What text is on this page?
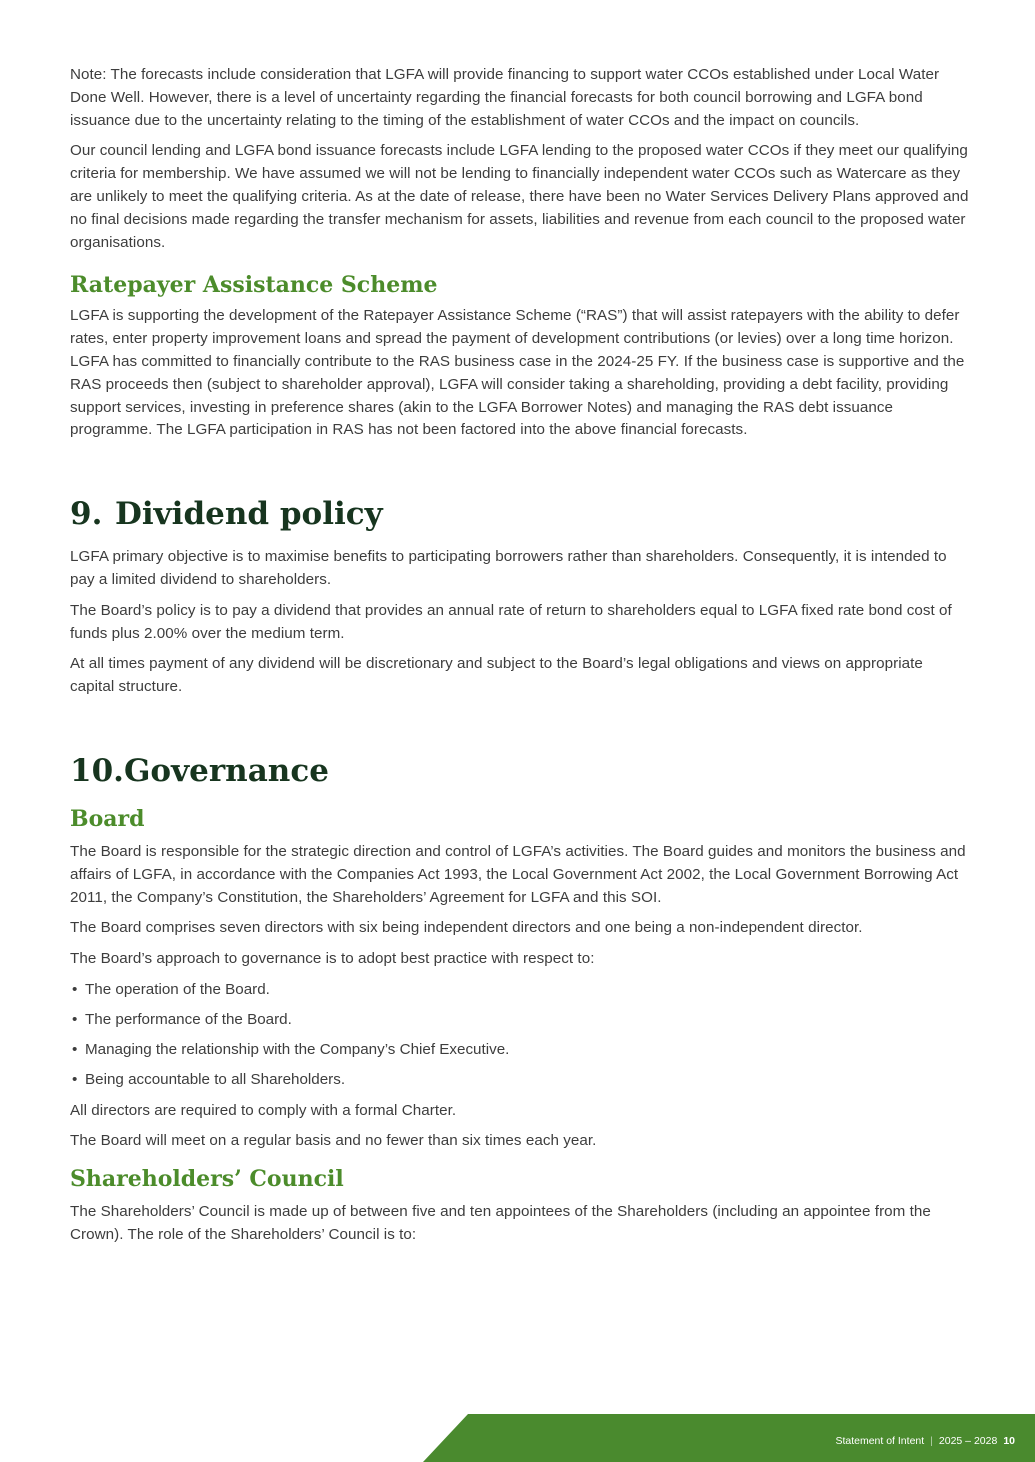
Note: The forecasts include consideration that LGFA will provide financing to support water CCOs established under Local Water Done Well. However, there is a level of uncertainty regarding the financial forecasts for both council borrowing and LGFA bond issuance due to the uncertainty relating to the timing of the establishment of water CCOs and the impact on councils.

Our council lending and LGFA bond issuance forecasts include LGFA lending to the proposed water CCOs if they meet our qualifying criteria for membership. We have assumed we will not be lending to financially independent water CCOs such as Watercare as they are unlikely to meet the qualifying criteria. As at the date of release, there have been no Water Services Delivery Plans approved and no final decisions made regarding the transfer mechanism for assets, liabilities and revenue from each council to the proposed water organisations.

Ratepayer Assistance Scheme

LGFA is supporting the development of the Ratepayer Assistance Scheme (“RAS”) that will assist ratepayers with the ability to defer rates, enter property improvement loans and spread the payment of development contributions (or levies) over a long time horizon. LGFA has committed to financially contribute to the RAS business case in the 2024-25 FY. If the business case is supportive and the RAS proceeds then (subject to shareholder approval), LGFA will consider taking a shareholding, providing a debt facility, providing support services, investing in preference shares (akin to the LGFA Borrower Notes) and managing the RAS debt issuance programme. The LGFA participation in RAS has not been factored into the above financial forecasts.

9. Dividend policy

LGFA primary objective is to maximise benefits to participating borrowers rather than shareholders. Consequently, it is intended to pay a limited dividend to shareholders.

The Board’s policy is to pay a dividend that provides an annual rate of return to shareholders equal to LGFA fixed rate bond cost of funds plus 2.00% over the medium term.

At all times payment of any dividend will be discretionary and subject to the Board’s legal obligations and views on appropriate capital structure.

10.Governance
Board

The Board is responsible for the strategic direction and control of LGFA’s activities. The Board guides and monitors the business and affairs of LGFA, in accordance with the Companies Act 1993, the Local Government Act 2002, the Local Government Borrowing Act 2011, the Company’s Constitution, the Shareholders’ Agreement for LGFA and this SOI.

The Board comprises seven directors with six being independent directors and one being a non-independent director.

The Board’s approach to governance is to adopt best practice with respect to:

• The operation of the Board.
• The performance of the Board.
• Managing the relationship with the Company’s Chief Executive.
• Being accountable to all Shareholders.

All directors are required to comply with a formal Charter.

The Board will meet on a regular basis and no fewer than six times each year.

Shareholders’ Council

The Shareholders’ Council is made up of between five and ten appointees of the Shareholders (including an appointee from the Crown). The role of the Shareholders’ Council is to:

Statement of Intent | 2025 – 2028 10
